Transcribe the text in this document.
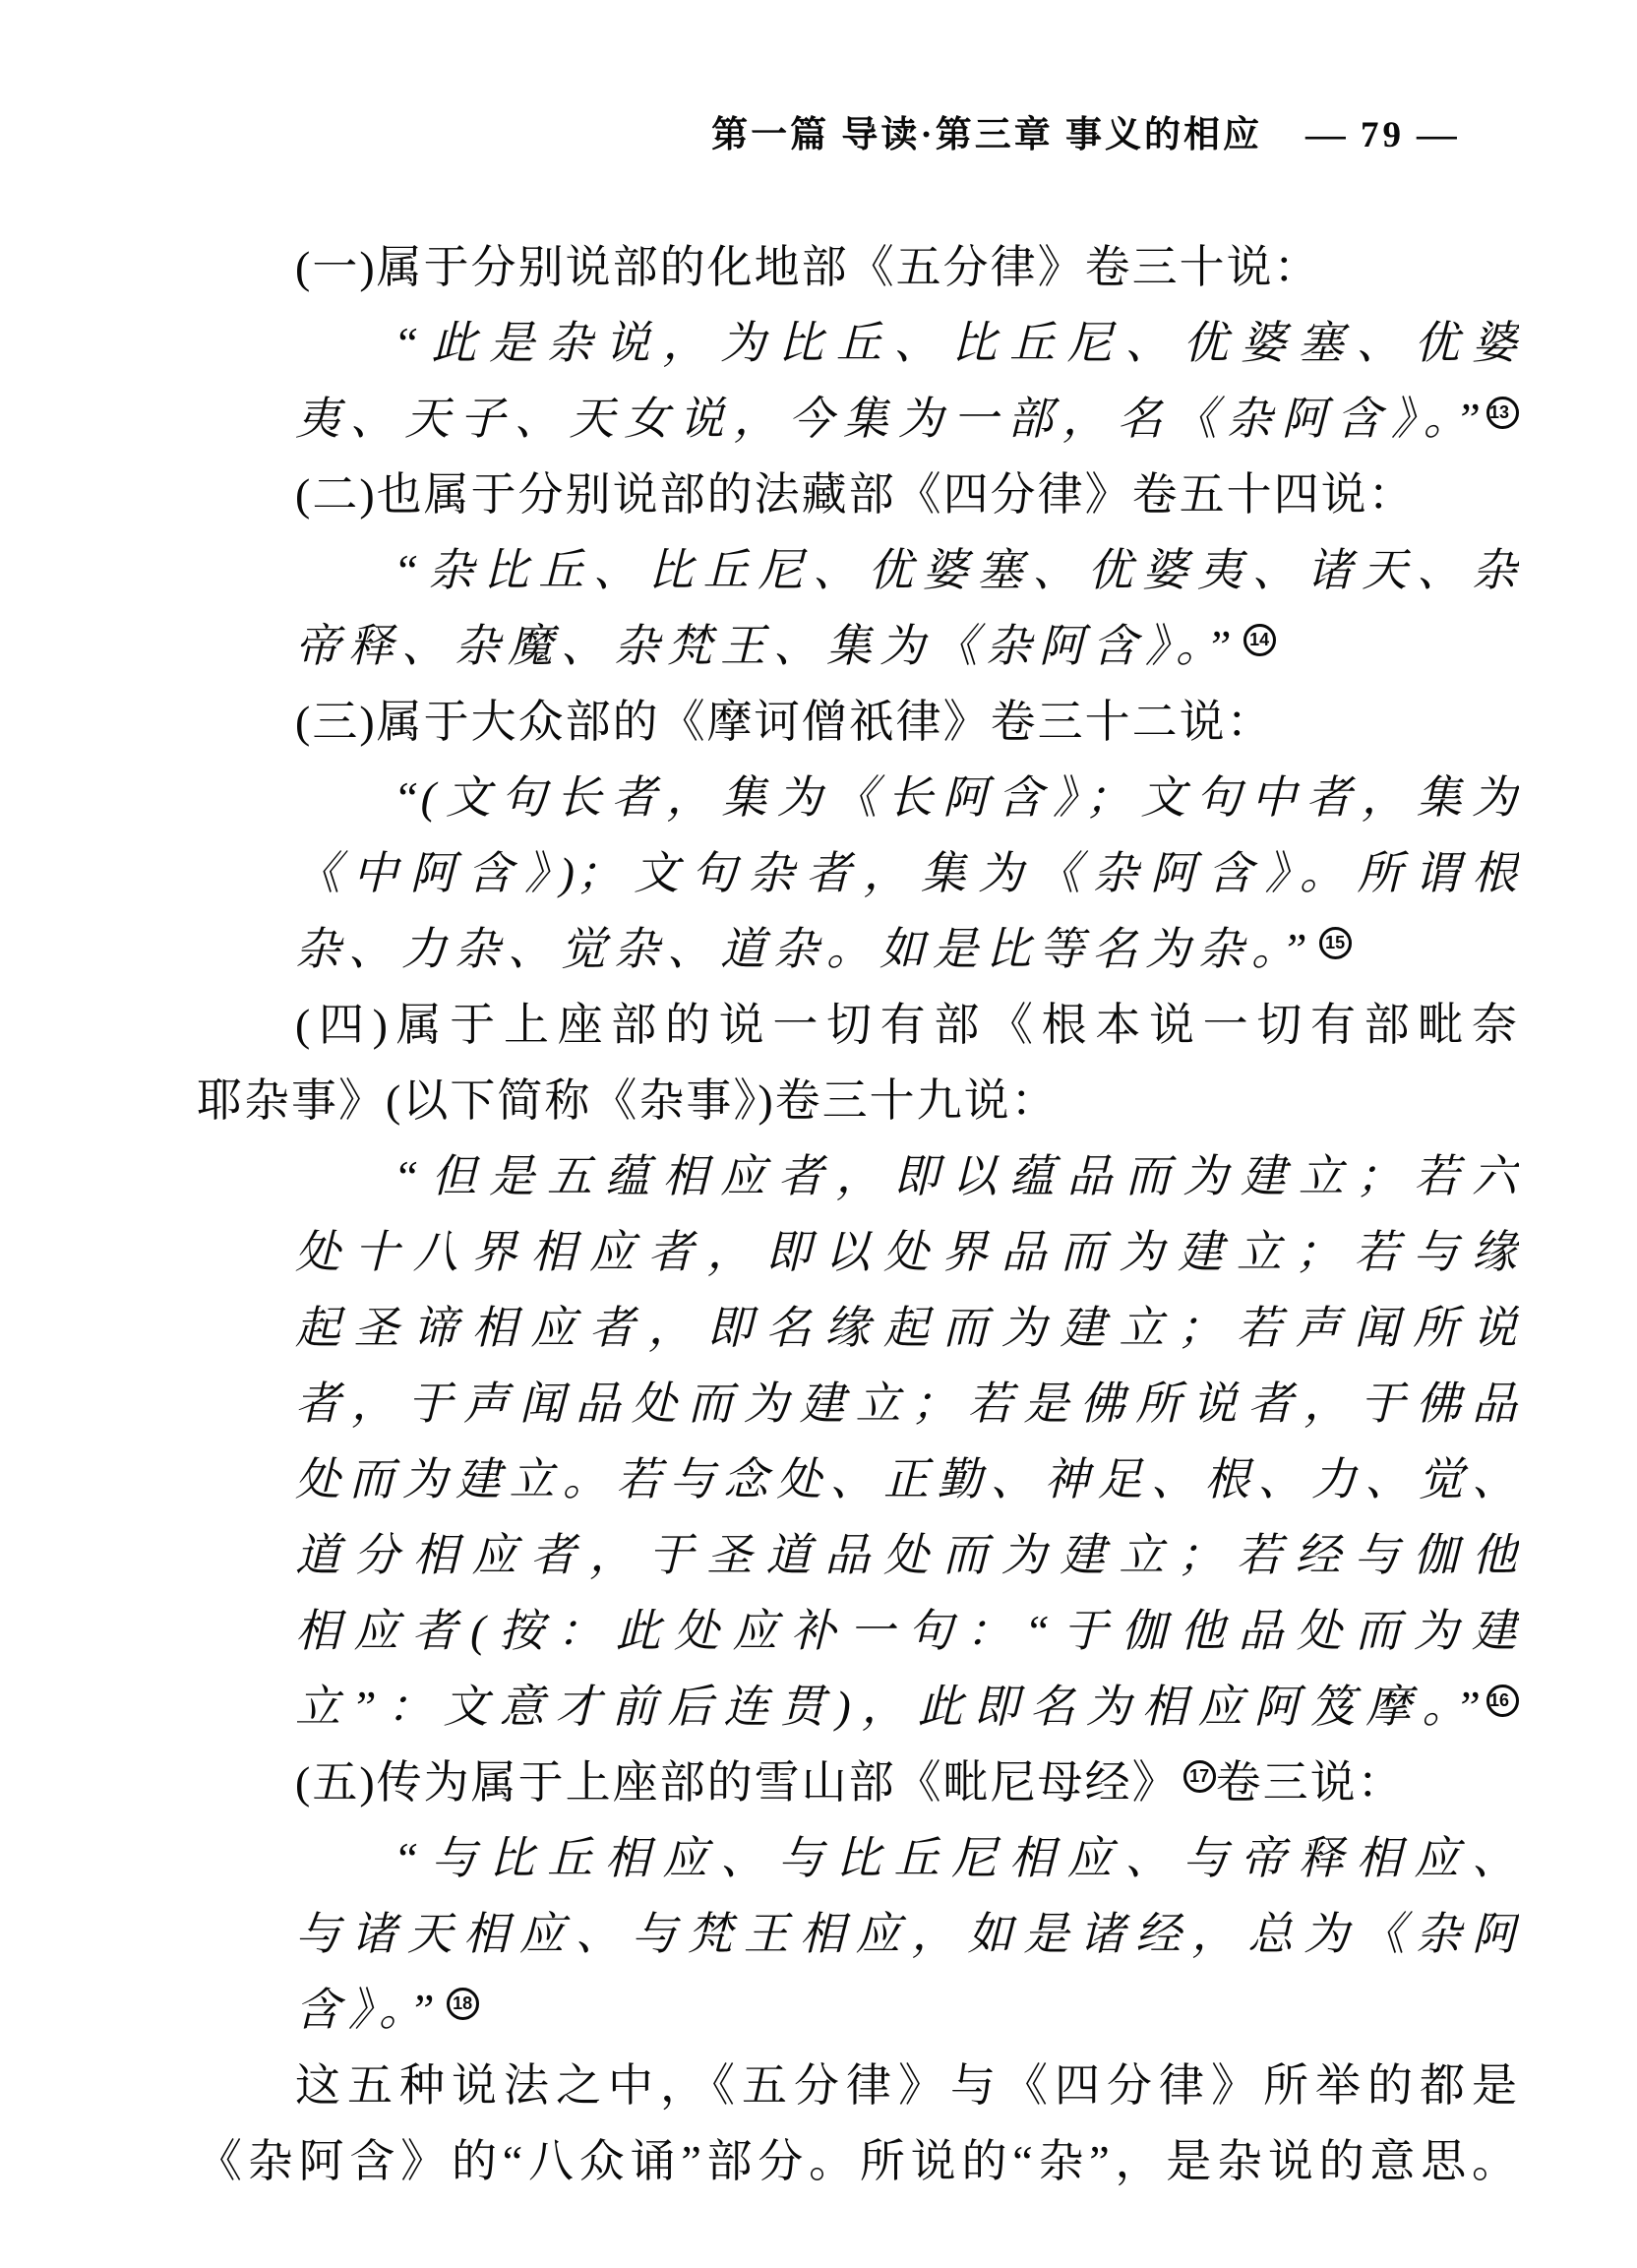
第一篇 导读·第三章 事义的相应 — 79 —
(一)属于分别说部的化地部《五分律》卷三十说：
“此是杂说，为比丘、比丘尼、优婆塞、优婆
夷、天子、天女说，今集为一部，名《杂阿含》。” 13
(二)也属于分别说部的法藏部《四分律》卷五十四说：
“杂比丘、比丘尼、优婆塞、优婆夷、诸天、杂
帝释、杂魔、杂梵王、集为《杂阿含》。” 14
(三)属于大众部的《摩诃僧祇律》卷三十二说：
“(文句长者，集为《长阿含》；文句中者，集为
《中阿含》)；文句杂者，集为《杂阿含》。所谓根
杂、力杂、觉杂、道杂。如是比等名为杂。” 15
(四)属于上座部的说一切有部《根本说一切有部毗奈
耶杂事》(以下简称《杂事》)卷三十九说：
“但是五蕴相应者，即以蕴品而为建立；若六
处十八界相应者，即以处界品而为建立；若与缘
起圣谛相应者，即名缘起而为建立；若声闻所说
者，于声闻品处而为建立；若是佛所说者，于佛品
处而为建立。若与念处、正勤、神足、根、力、觉、
道分相应者，于圣道品处而为建立；若经与伽他
相应者(按：此处应补一句：“于伽他品处而为建
立”：文意才前后连贯)，此即名为相应阿笈摩。” 16
(五)传为属于上座部的雪山部《毗尼母经》 17 卷三说：
“与比丘相应、与比丘尼相应、与帝释相应、
与诸天相应、与梵王相应，如是诸经，总为《杂阿
含》。” 18
这五种说法之中，《五分律》与《四分律》所举的都是
《杂阿含》的“八众诵”部分。所说的“杂”，是杂说的意思。
